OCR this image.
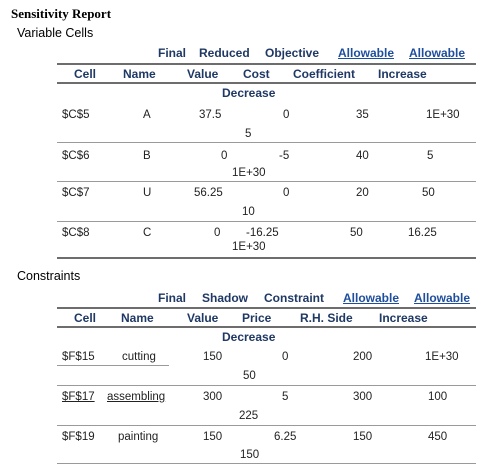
Sensitivity Report
Variable Cells
Final Reduced Objective Allowable Allowable
Cell Name	Value Cost Coefficient Increase
Decrease
$C$5	A	37.5	0	35	1E+30
5
$C$6	B	0	-5	40	5
1E+30
$C$7	U	56.25	0	20	50
10
$C$8	C	0 -16.25	50	16.25
1E+30
Constraints
Final Shadow Constraint Allowable Allowable
Cell Name	Value Price R.H. Side Increase
Decrease
$F$15 cutting	150	0	200	1E+30
50
$F$17 assembling	300	5	300	100
225
$F$19 painting	150	6.25	150	450
150
